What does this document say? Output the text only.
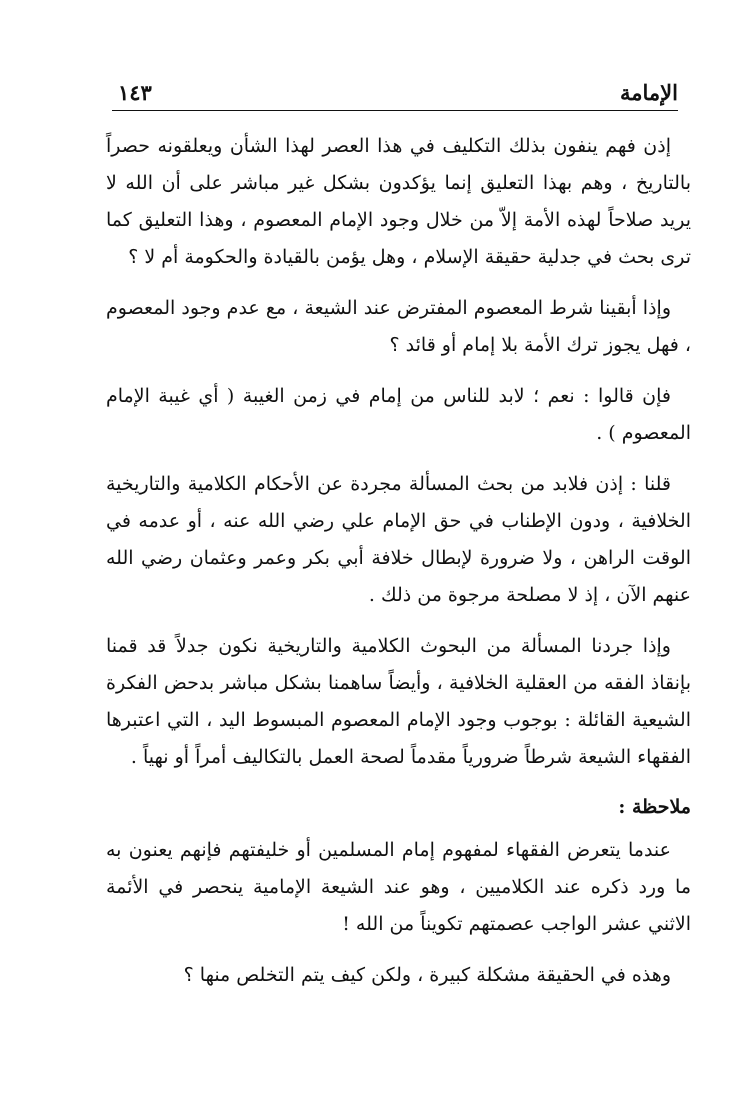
الإمامة
١٤٣

إذن فهم ينفون بذلك التكليف في هذا العصر لهذا الشأن ويعلقونه حصراً بالتاريخ ، وهم بهذا التعليق إنما يؤكدون بشكل غير مباشر على أن الله لا يريد صلاحاً لهذه الأمة إلاّ من خلال وجود الإمام المعصوم ، وهذا التعليق كما ترى بحث في جدلية حقيقة الإسلام ، وهل يؤمن بالقيادة والحكومة أم لا ؟

وإذا أبقينا شرط المعصوم المفترض عند الشيعة ، مع عدم وجود المعصوم ، فهل يجوز ترك الأمة بلا إمام أو قائد ؟

فإن قالوا : نعم ؛ لابد للناس من إمام في زمن الغيبة ( أي غيبة الإمام المعصوم ) .

قلنا : إذن فلابد من بحث المسألة مجردة عن الأحكام الكلامية والتاريخية الخلافية ، ودون الإطناب في حق الإمام علي رضي الله عنه ، أو عدمه في الوقت الراهن ، ولا ضرورة لإبطال خلافة أبي بكر وعمر وعثمان رضي الله عنهم الآن ، إذ لا مصلحة مرجوة من ذلك .

وإذا جردنا المسألة من البحوث الكلامية والتاريخية نكون جدلاً قد قمنا بإنقاذ الفقه من العقلية الخلافية ، وأيضاً ساهمنا بشكل مباشر بدحض الفكرة الشيعية القائلة : بوجوب وجود الإمام المعصوم المبسوط اليد ، التي اعتبرها الفقهاء الشيعة شرطاً ضرورياً مقدماً لصحة العمل بالتكاليف أمراً أو نهياً .

ملاحظة :

عندما يتعرض الفقهاء لمفهوم إمام المسلمين أو خليفتهم فإنهم يعنون به ما ورد ذكره عند الكلاميين ، وهو عند الشيعة الإمامية ينحصر في الأئمة الاثني عشر الواجب عصمتهم تكويناً من الله !

وهذه في الحقيقة مشكلة كبيرة ، ولكن كيف يتم التخلص منها ؟
